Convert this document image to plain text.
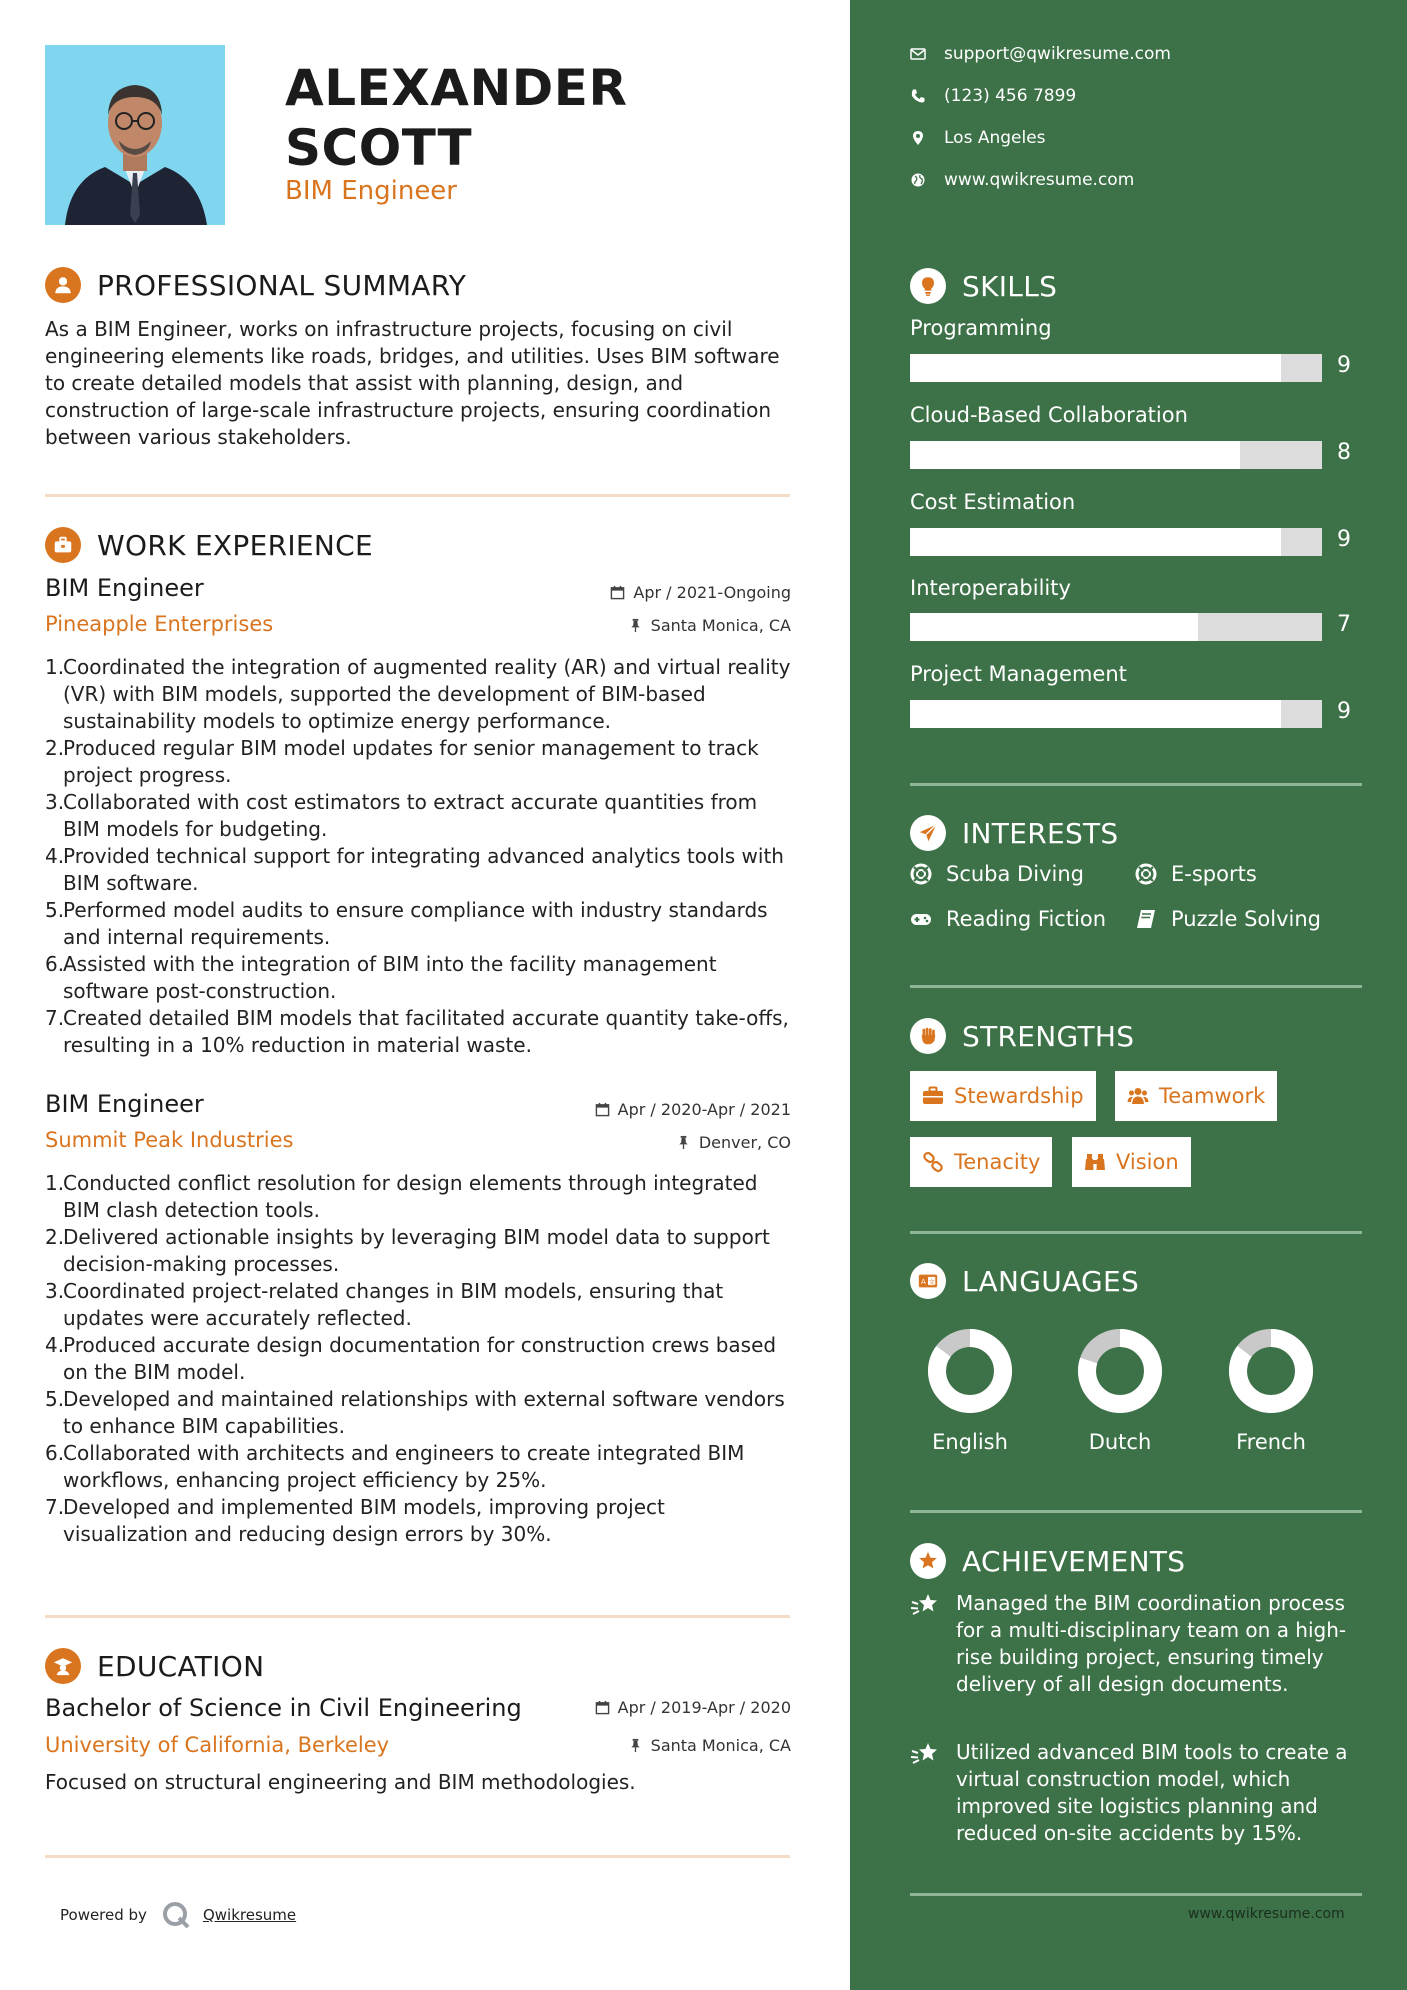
ALEXANDER
SCOTT
BIM Engineer
PROFESSIONAL SUMMARY
As a BIM Engineer, works on infrastructure projects, focusing on civil engineering elements like roads, bridges, and utilities. Uses BIM software to create detailed models that assist with planning, design, and construction of large-scale infrastructure projects, ensuring coordination between various stakeholders.
WORK EXPERIENCE
BIM Engineer
Pineapple Enterprises
Apr / 2021-Ongoing
Santa Monica, CA
1.
Coordinated the integration of augmented reality (AR) and virtual reality (VR) with BIM models, supported the development of BIM-based sustainability models to optimize energy performance.
2.
Produced regular BIM model updates for senior management to track project progress.
3.
Collaborated with cost estimators to extract accurate quantities from BIM models for budgeting.
4.
Provided technical support for integrating advanced analytics tools with BIM software.
5.
Performed model audits to ensure compliance with industry standards and internal requirements.
6.
Assisted with the integration of BIM into the facility management software post-construction.
7.
Created detailed BIM models that facilitated accurate quantity take-offs, resulting in a 10% reduction in material waste.
BIM Engineer
Summit Peak Industries
Apr / 2020-Apr / 2021
Denver, CO
1.
Conducted conflict resolution for design elements through integrated BIM clash detection tools.
2.
Delivered actionable insights by leveraging BIM model data to support decision-making processes.
3.
Coordinated project-related changes in BIM models, ensuring that updates were accurately reflected.
4.
Produced accurate design documentation for construction crews based on the BIM model.
5.
Developed and maintained relationships with external software vendors to enhance BIM capabilities.
6.
Collaborated with architects and engineers to create integrated BIM workflows, enhancing project efficiency by 25%.
7.
Developed and implemented BIM models, improving project visualization and reducing design errors by 30%.
EDUCATION
Bachelor of Science in Civil Engineering
University of California, Berkeley
Apr / 2019-Apr / 2020
Santa Monica, CA
Focused on structural engineering and BIM methodologies.
Powered by	Qwikresume
support@qwikresume.com
(123) 456 7899
Los Angeles
www.qwikresume.com
SKILLS
Programming
9
Cloud-Based Collaboration
8
Cost Estimation
9
Interoperability
7
Project Management
9
INTERESTS
Scuba Diving	E-sports
Reading Fiction	Puzzle Solving
STRENGTHS
Stewardship	Teamwork
Tenacity	Vision
A 文 LANGUAGES
English	Dutch	French
ACHIEVEMENTS
Managed the BIM coordination process for a multi-disciplinary team on a high-rise building project, ensuring timely delivery of all design documents.
Utilized advanced BIM tools to create a virtual construction model, which improved site logistics planning and reduced on-site accidents by 15%.
www.qwikresume.com
